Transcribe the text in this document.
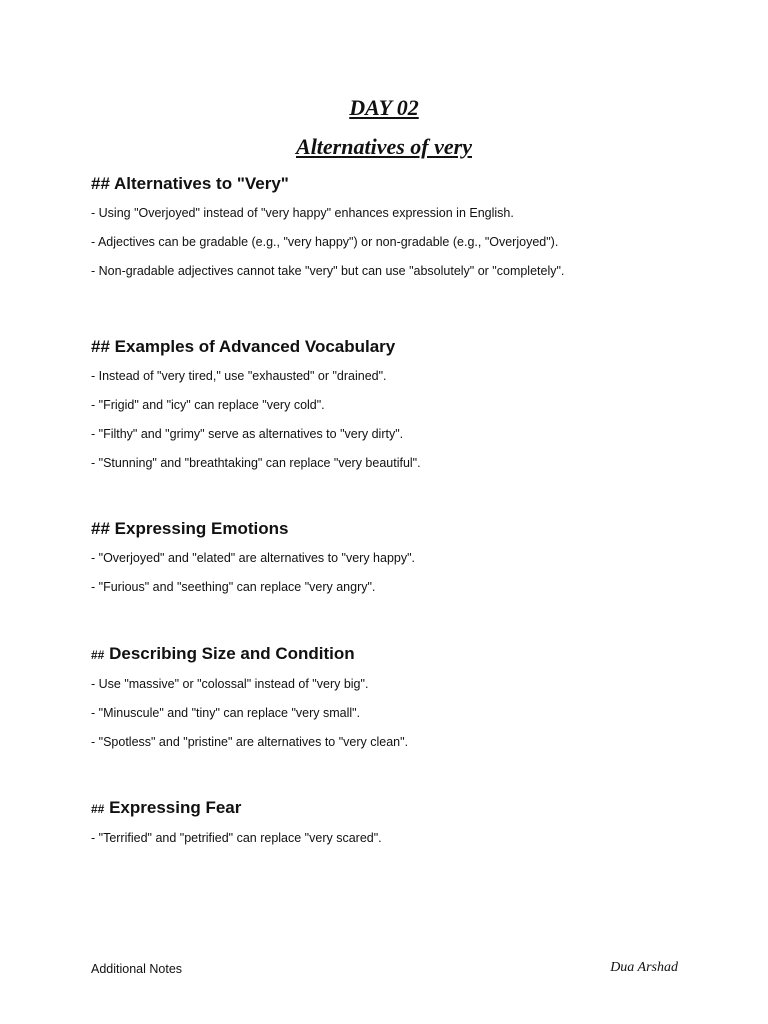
DAY 02
Alternatives of very
## Alternatives to "Very"
- Using "Overjoyed" instead of "very happy" enhances expression in English.
- Adjectives can be gradable (e.g., "very happy") or non-gradable (e.g., "Overjoyed").
- Non-gradable adjectives cannot take "very" but can use "absolutely" or "completely".
## Examples of Advanced Vocabulary
- Instead of "very tired," use "exhausted" or "drained".
- "Frigid" and "icy" can replace "very cold".
- "Filthy" and "grimy" serve as alternatives to "very dirty".
- "Stunning" and "breathtaking" can replace "very beautiful".
## Expressing Emotions
- "Overjoyed" and "elated" are alternatives to "very happy".
- "Furious" and "seething" can replace "very angry".
## Describing Size and Condition
- Use "massive" or "colossal" instead of "very big".
- "Minuscule" and "tiny" can replace "very small".
- "Spotless" and "pristine" are alternatives to "very clean".
## Expressing Fear
- "Terrified" and "petrified" can replace "very scared".
Additional Notes	Dua Arshad
